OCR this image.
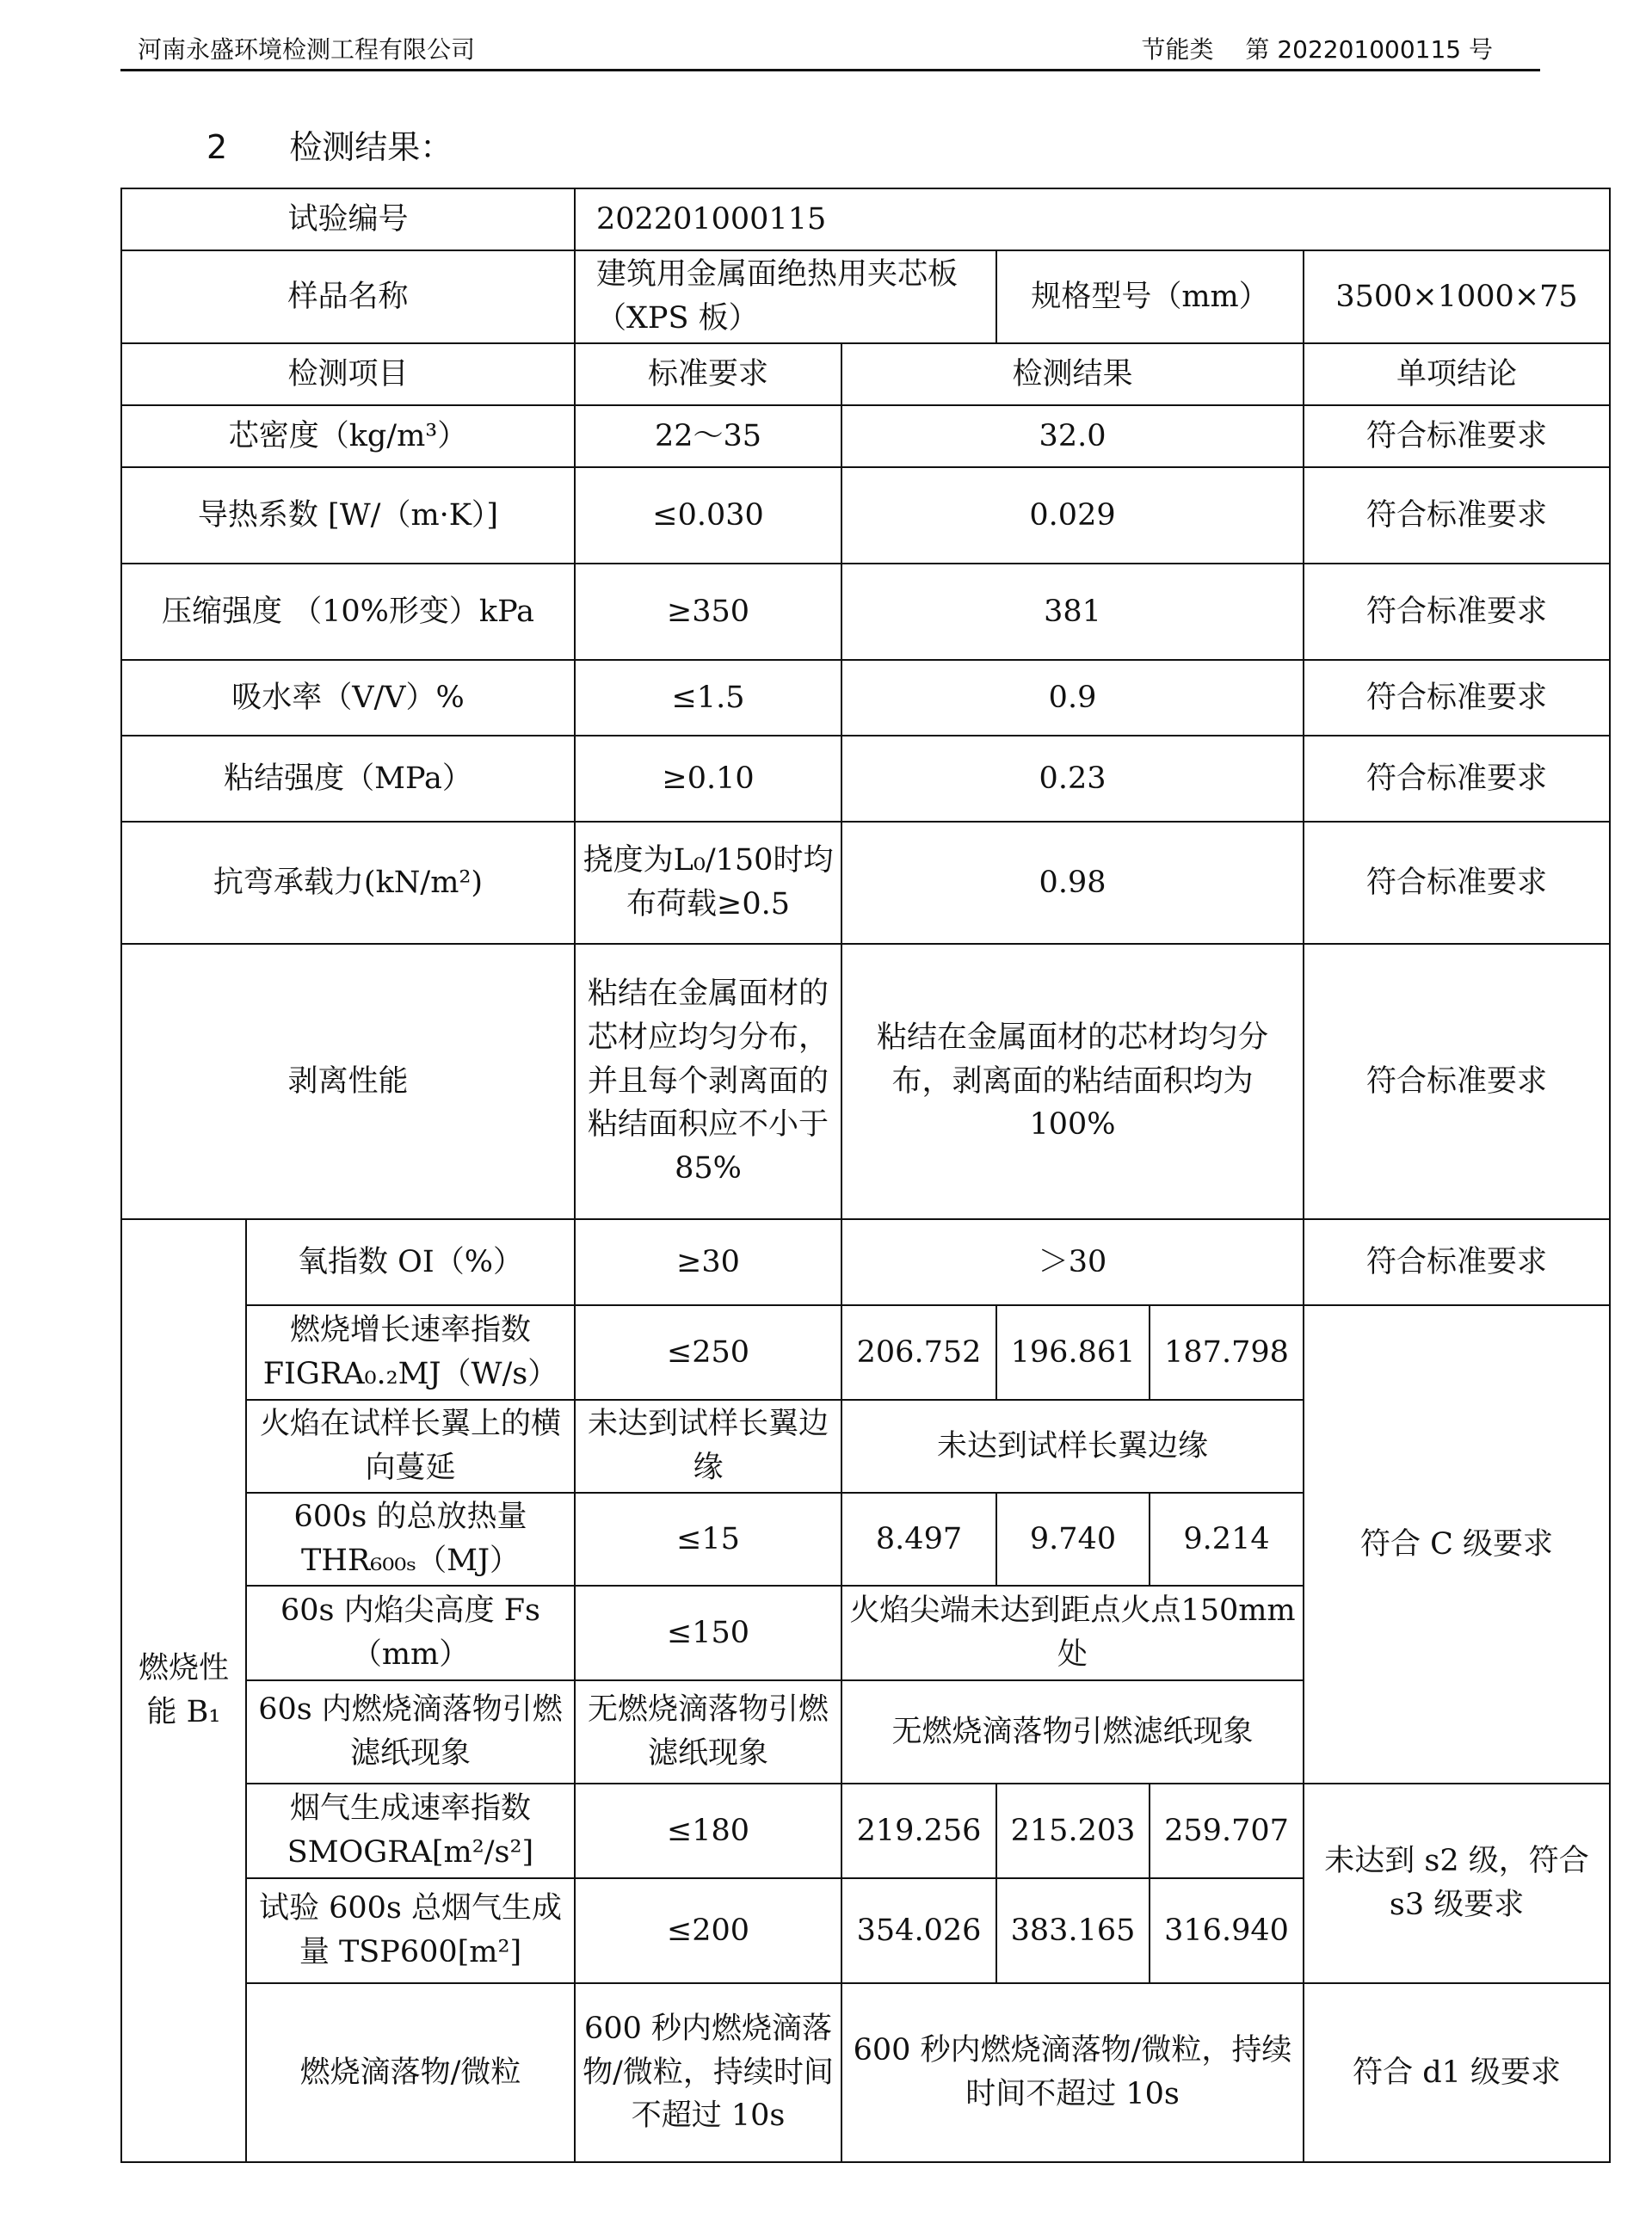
河南永盛环境检测工程有限公司	节能类 第 202201000115 号
2 检测结果：
试验编号		202201000115				
样品名称		建筑用金属面绝热用夹芯板（XPS 板）		规格型号（mm）		3500×1000×75
检测项目		标准要求	检测结果			单项结论
芯密度（kg/m³）		22～35	32.0			符合标准要求
导热系数 [W/（m·K）]		≤0.030	0.029			符合标准要求
压缩强度 （10%形变）kPa		≥350	381			符合标准要求
吸水率（V/V）%		≤1.5	0.9			符合标准要求
粘结强度（MPa）		≥0.10	0.23			符合标准要求
抗弯承载力(kN/m²)		挠度为L₀/150时均布荷载≥0.5	0.98			符合标准要求
剥离性能		粘结在金属面材的芯材应均匀分布，并且每个剥离面的粘结面积应不小于 85%	粘结在金属面材的芯材均匀分布，剥离面的粘结面积均为 100%			符合标准要求
燃烧性能 B₁	氧指数 OI（%）	≥30	＞30			符合标准要求
	燃烧增长速率指数 FIGRA₀.₂MJ（W/s）	≤250	206.752	196.861	187.798	符合 C 级要求
	火焰在试样长翼上的横向蔓延	未达到试样长翼边缘	未达到试样长翼边缘			
	600s 的总放热量 THR₆₀₀ₛ（MJ）	≤15	8.497	9.740	9.214	
	60s 内焰尖高度 Fs（mm）	≤150	火焰尖端未达到距点火点150mm 处			
	60s 内燃烧滴落物引燃滤纸现象	无燃烧滴落物引燃滤纸现象	无燃烧滴落物引燃滤纸现象			
	烟气生成速率指数 SMOGRA[m²/s²]	≤180	219.256	215.203	259.707	未达到 s2 级，符合 s3 级要求
	试验 600s 总烟气生成量 TSP600[m²]	≤200	354.026	383.165	316.940	
	燃烧滴落物/微粒	600 秒内燃烧滴落物/微粒，持续时间不超过 10s	600 秒内燃烧滴落物/微粒，持续时间不超过 10s			符合 d1 级要求
